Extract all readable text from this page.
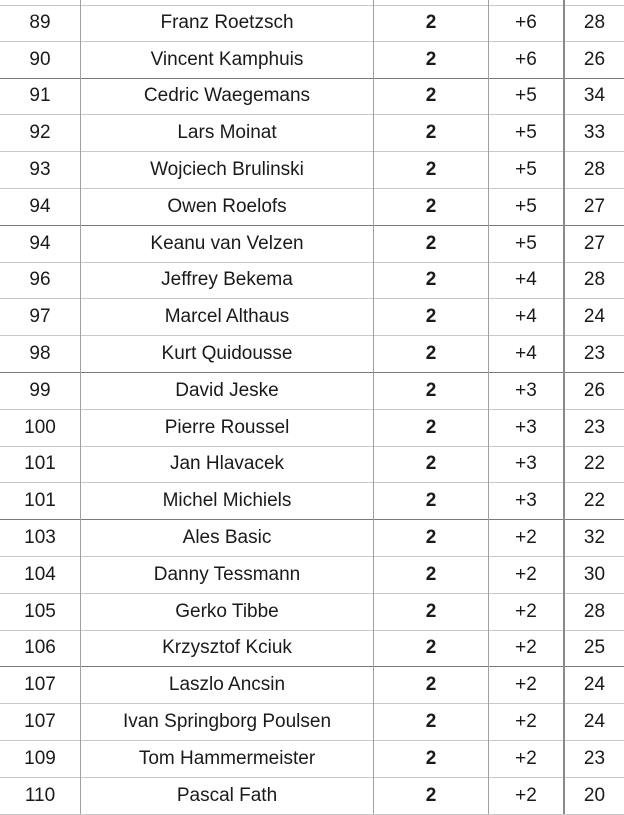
89	Franz Roetzsch	2	+6	28
90	Vincent Kamphuis	2	+6	26
91	Cedric Waegemans	2	+5	34
92	Lars Moinat	2	+5	33
93	Wojciech Brulinski	2	+5	28
94	Owen Roelofs	2	+5	27
94	Keanu van Velzen	2	+5	27
96	Jeffrey Bekema	2	+4	28
97	Marcel Althaus	2	+4	24
98	Kurt Quidousse	2	+4	23
99	David Jeske	2	+3	26
100	Pierre Roussel	2	+3	23
101	Jan Hlavacek	2	+3	22
101	Michel Michiels	2	+3	22
103	Ales Basic	2	+2	32
104	Danny Tessmann	2	+2	30
105	Gerko Tibbe	2	+2	28
106	Krzysztof Kciuk	2	+2	25
107	Laszlo Ancsin	2	+2	24
107	Ivan Springborg Poulsen	2	+2	24
109	Tom Hammermeister	2	+2	23
110	Pascal Fath	2	+2	20
